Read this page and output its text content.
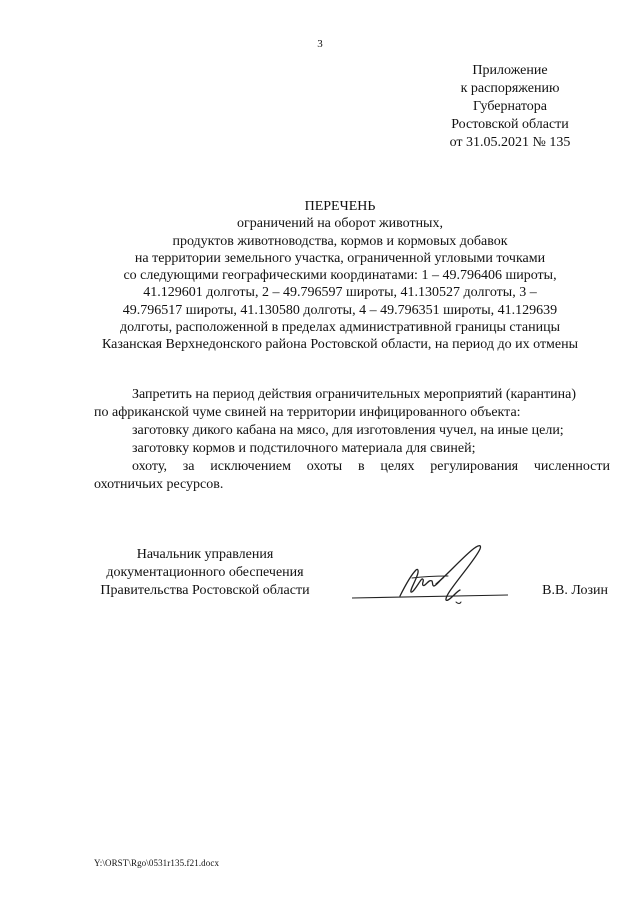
3
Приложение
к распоряжению
Губернатора
Ростовской области
от 31.05.2021 № 135
ПЕРЕЧЕНЬ
ограничений на оборот животных,
продуктов животноводства, кормов и кормовых добавок
на территории земельного участка, ограниченной угловыми точками
со следующими географическими координатами: 1 – 49.796406 широты,
41.129601 долготы, 2 – 49.796597 широты, 41.130527 долготы, 3 –
49.796517 широты, 41.130580 долготы, 4 – 49.796351 широты, 41.129639
долготы, расположенной в пределах административной границы станицы
Казанская Верхнедонского района Ростовской области, на период до их отмены

Запретить на период действия ограничительных мероприятий (карантина)

по африканской чуме свиней на территории инфицированного объекта:

заготовку дикого кабана на мясо, для изготовления чучел, на иные цели;

заготовку кормов и подстилочного материала для свиней;

охоту, за исключением охоты в целях регулирования численности

охотничьих ресурсов.

Начальник управления
документационного обеспечения
Правительства Ростовской области	В.В. Лозин
Y:\ORST\Rgo\0531r135.f21.docx
